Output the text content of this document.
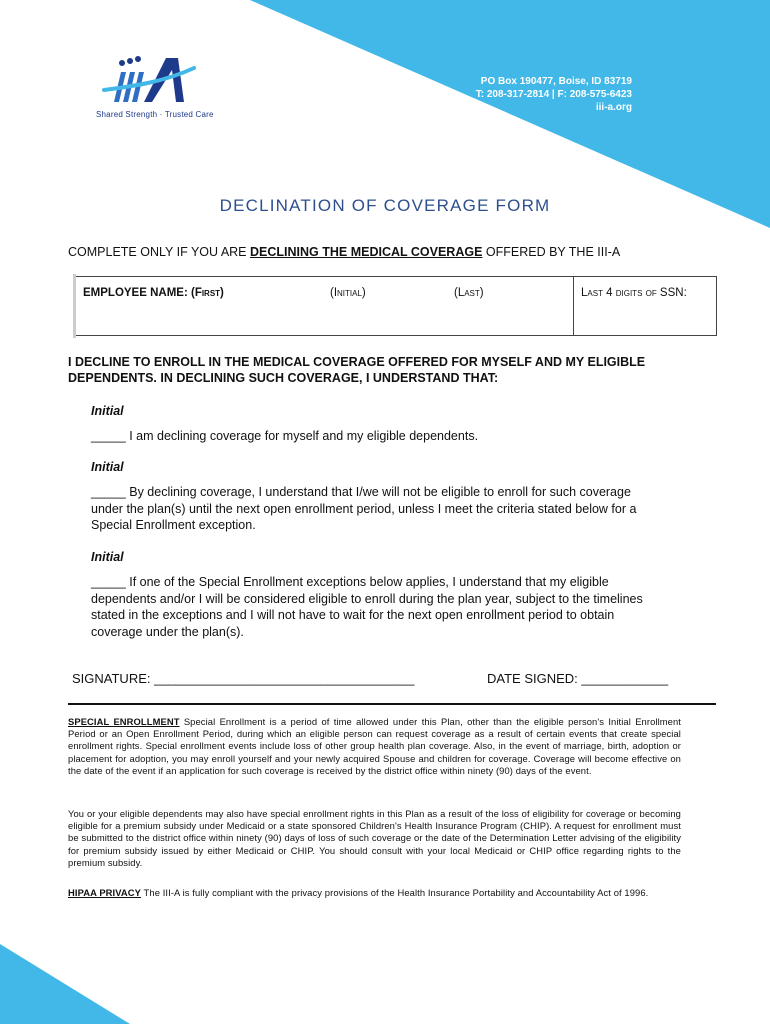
Shared Strength · Trusted Care
PO Box 190477, Boise, ID 83719
T: 208-317-2814 | F: 208-575-6423
iii-a.org
DECLINATION OF COVERAGE FORM
COMPLETE ONLY IF YOU ARE DECLINING THE MEDICAL COVERAGE OFFERED BY THE III-A
EMPLOYEE NAME: (First)	(Initial)	(Last)	Last 4 digits of SSN:
I DECLINE TO ENROLL IN THE MEDICAL COVERAGE OFFERED FOR MYSELF AND MY ELIGIBLE DEPENDENTS. IN DECLINING SUCH COVERAGE, I UNDERSTAND THAT:
Initial
_____ I am declining coverage for myself and my eligible dependents.
Initial
_____ By declining coverage, I understand that I/we will not be eligible to enroll for such coverage under the plan(s) until the next open enrollment period, unless I meet the criteria stated below for a Special Enrollment exception.
Initial
_____ If one of the Special Enrollment exceptions below applies, I understand that my eligible dependents and/or I will be considered eligible to enroll during the plan year, subject to the timelines stated in the exceptions and I will not have to wait for the next open enrollment period to obtain coverage under the plan(s).
SIGNATURE: ____________________________________	DATE SIGNED: ____________
SPECIAL ENROLLMENT Special Enrollment is a period of time allowed under this Plan, other than the eligible person's Initial Enrollment Period or an Open Enrollment Period, during which an eligible person can request coverage as a result of certain events that create special enrollment rights. Special enrollment events include loss of other group health plan coverage. Also, in the event of marriage, birth, adoption or placement for adoption, you may enroll yourself and your newly acquired Spouse and children for coverage. Coverage will become effective on the date of the event if an application for such coverage is received by the district office within ninety (90) days of the event.
You or your eligible dependents may also have special enrollment rights in this Plan as a result of the loss of eligibility for coverage or becoming eligible for a premium subsidy under Medicaid or a state sponsored Children's Health Insurance Program (CHIP). A request for enrollment must be submitted to the district office within ninety (90) days of loss of such coverage or the date of the Determination Letter advising of the eligibility for premium subsidy issued by either Medicaid or CHIP. You should consult with your local Medicaid or CHIP office regarding rights to the premium subsidy.
HIPAA PRIVACY The III-A is fully compliant with the privacy provisions of the Health Insurance Portability and Accountability Act of 1996.
